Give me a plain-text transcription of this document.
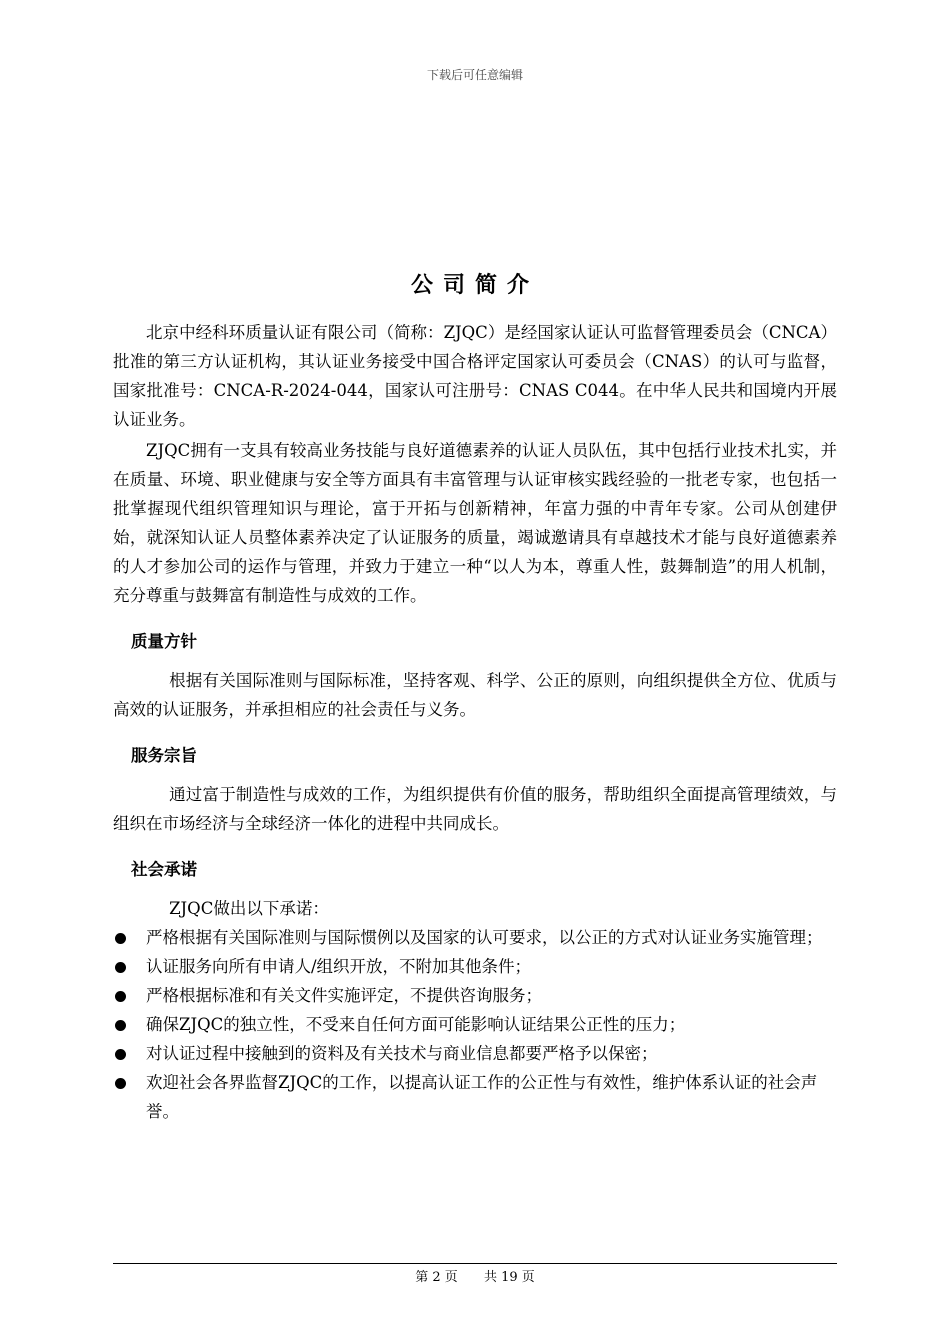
下载后可任意编辑
公司简介

北京中经科环质量认证有限公司（简称：ZJQC）是经国家认证认可监督管理委员会（CNCA）批准的第三方认证机构，其认证业务接受中国合格评定国家认可委员会（CNAS）的认可与监督，国家批准号：CNCA-R-2024-044，国家认可注册号：CNAS C044。在中华人民共和国境内开展认证业务。

ZJQC拥有一支具有较高业务技能与良好道德素养的认证人员队伍，其中包括行业技术扎实，并在质量、环境、职业健康与安全等方面具有丰富管理与认证审核实践经验的一批老专家，也包括一批掌握现代组织管理知识与理论，富于开拓与创新精神，年富力强的中青年专家。公司从创建伊始，就深知认证人员整体素养决定了认证服务的质量，竭诚邀请具有卓越技术才能与良好道德素养的人才参加公司的运作与管理，并致力于建立一种“以人为本，尊重人性，鼓舞制造”的用人机制，充分尊重与鼓舞富有制造性与成效的工作。

质量方针

根据有关国际准则与国际标准，坚持客观、科学、公正的原则，向组织提供全方位、优质与高效的认证服务，并承担相应的社会责任与义务。

服务宗旨

通过富于制造性与成效的工作，为组织提供有价值的服务，帮助组织全面提高管理绩效，与组织在市场经济与全球经济一体化的进程中共同成长。

社会承诺

ZJQC做出以下承诺：

严格根据有关国际准则与国际惯例以及国家的认可要求，以公正的方式对认证业务实施管理；
认证服务向所有申请人/组织开放，不附加其他条件；
严格根据标准和有关文件实施评定，不提供咨询服务；
确保ZJQC的独立性，不受来自任何方面可能影响认证结果公正性的压力；
对认证过程中接触到的资料及有关技术与商业信息都要严格予以保密；
欢迎社会各界监督ZJQC的工作，以提高认证工作的公正性与有效性，维护体系认证的社会声誉。
第 2 页 共 19 页
